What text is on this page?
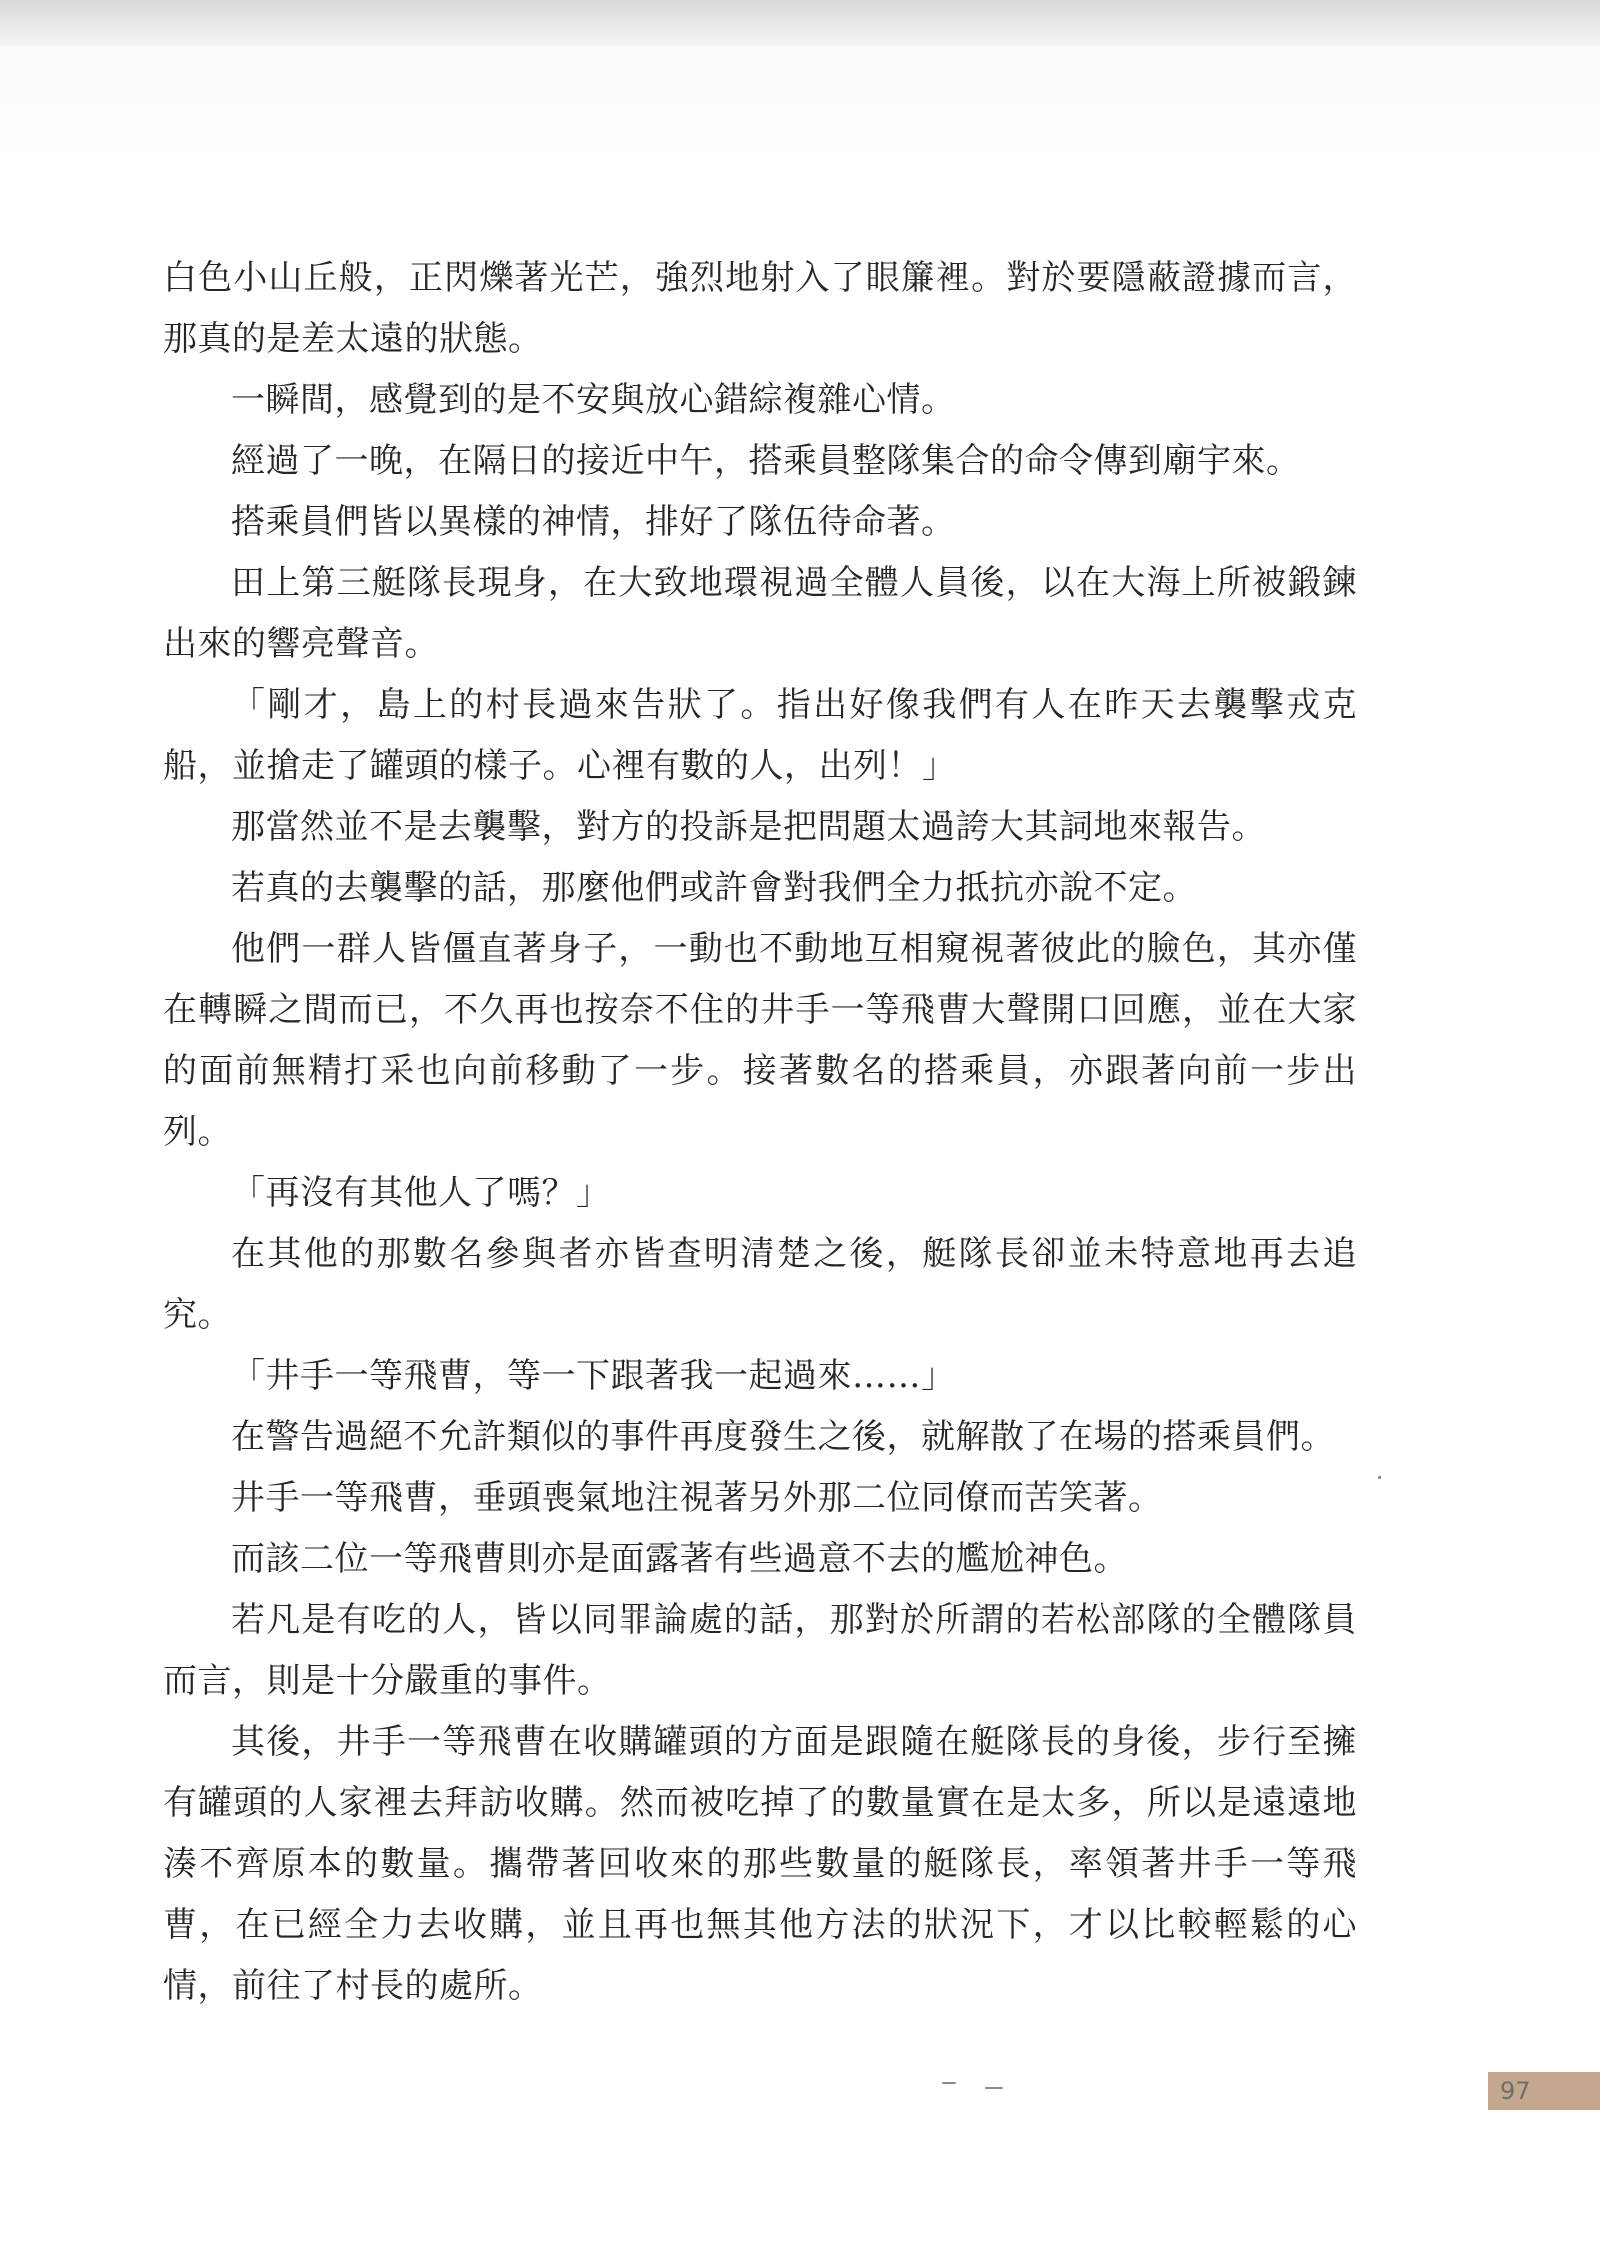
白色小山丘般，正閃爍著光芒，強烈地射入了眼簾裡。對於要隱蔽證據而言，那真的是差太遠的狀態。

一瞬間，感覺到的是不安與放心錯綜複雜心情。

經過了一晚，在隔日的接近中午，搭乘員整隊集合的命令傳到廟宇來。

搭乘員們皆以異樣的神情，排好了隊伍待命著。

田上第三艇隊長現身，在大致地環視過全體人員後，以在大海上所被鍛鍊出來的響亮聲音。

「剛才，島上的村長過來告狀了。指出好像我們有人在昨天去襲擊戎克船，並搶走了罐頭的樣子。心裡有數的人，出列！」

那當然並不是去襲擊，對方的投訴是把問題太過誇大其詞地來報告。

若真的去襲擊的話，那麼他們或許會對我們全力抵抗亦說不定。

他們一群人皆僵直著身子，一動也不動地互相窺視著彼此的臉色，其亦僅在轉瞬之間而已，不久再也按奈不住的井手一等飛曹大聲開口回應，並在大家的面前無精打采也向前移動了一步。接著數名的搭乘員，亦跟著向前一步出列。

「再沒有其他人了嗎？」

在其他的那數名參與者亦皆查明清楚之後，艇隊長卻並未特意地再去追究。

「井手一等飛曹，等一下跟著我一起過來……」

在警告過絕不允許類似的事件再度發生之後，就解散了在場的搭乘員們。

井手一等飛曹，垂頭喪氣地注視著另外那二位同僚而苦笑著。

而該二位一等飛曹則亦是面露著有些過意不去的尷尬神色。

若凡是有吃的人，皆以同罪論處的話，那對於所謂的若松部隊的全體隊員而言，則是十分嚴重的事件。

其後，井手一等飛曹在收購罐頭的方面是跟隨在艇隊長的身後，步行至擁有罐頭的人家裡去拜訪收購。然而被吃掉了的數量實在是太多，所以是遠遠地湊不齊原本的數量。攜帶著回收來的那些數量的艇隊長，率領著井手一等飛曹，在已經全力去收購，並且再也無其他方法的狀況下，才以比較輕鬆的心情，前往了村長的處所。

97
